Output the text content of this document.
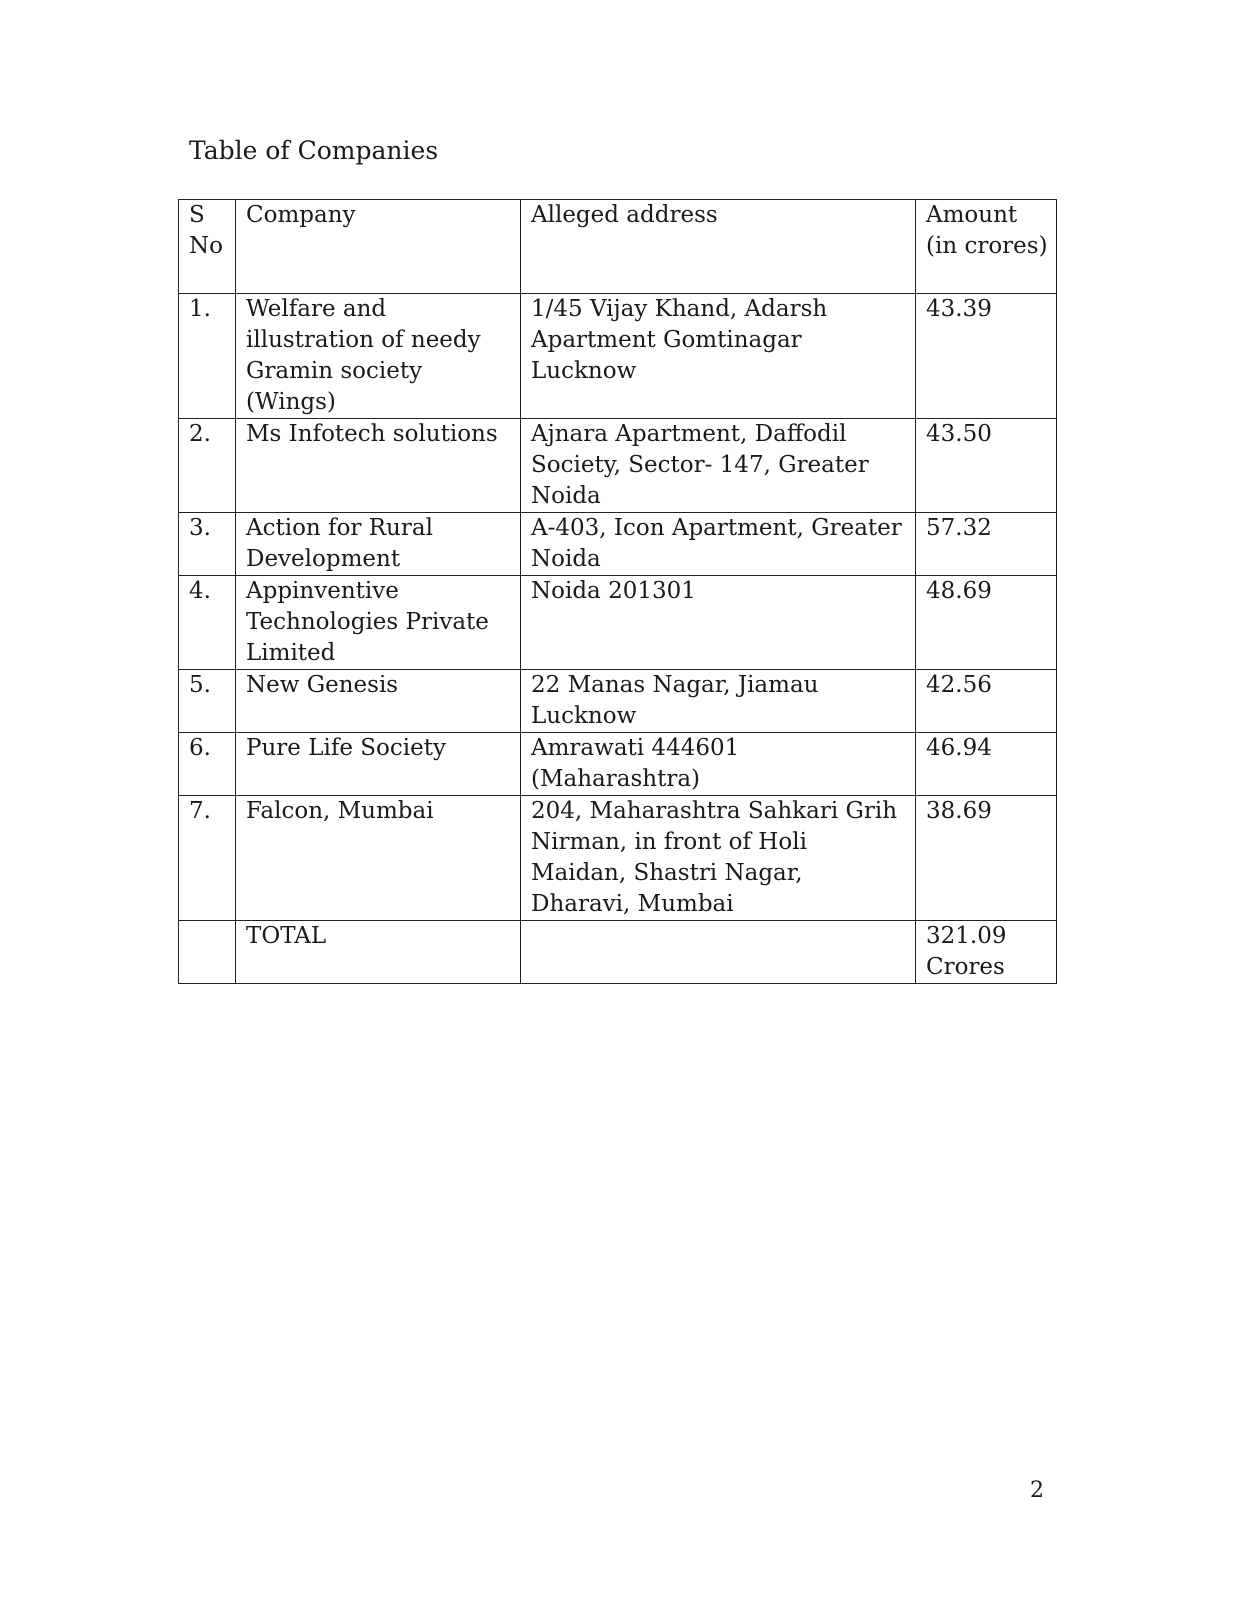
Table of Companies
S No	Company	Alleged address	Amount (in crores)
1.	Welfare and illustration of needy Gramin society (Wings)	1/45 Vijay Khand, Adarsh Apartment Gomtinagar Lucknow	43.39
2.	Ms Infotech solutions	Ajnara Apartment, Daffodil Society, Sector- 147, Greater Noida	43.50
3.	Action for Rural Development	A-403, Icon Apartment, Greater Noida	57.32
4.	Appinventive Technologies Private Limited	Noida 201301	48.69
5.	New Genesis	22 Manas Nagar, Jiamau Lucknow	42.56
6.	Pure Life Society	Amrawati 444601 (Maharashtra)	46.94
7.	Falcon, Mumbai	204, Maharashtra Sahkari Grih Nirman, in front of Holi Maidan, Shastri Nagar, Dharavi, Mumbai	38.69
	TOTAL		321.09 Crores
2
